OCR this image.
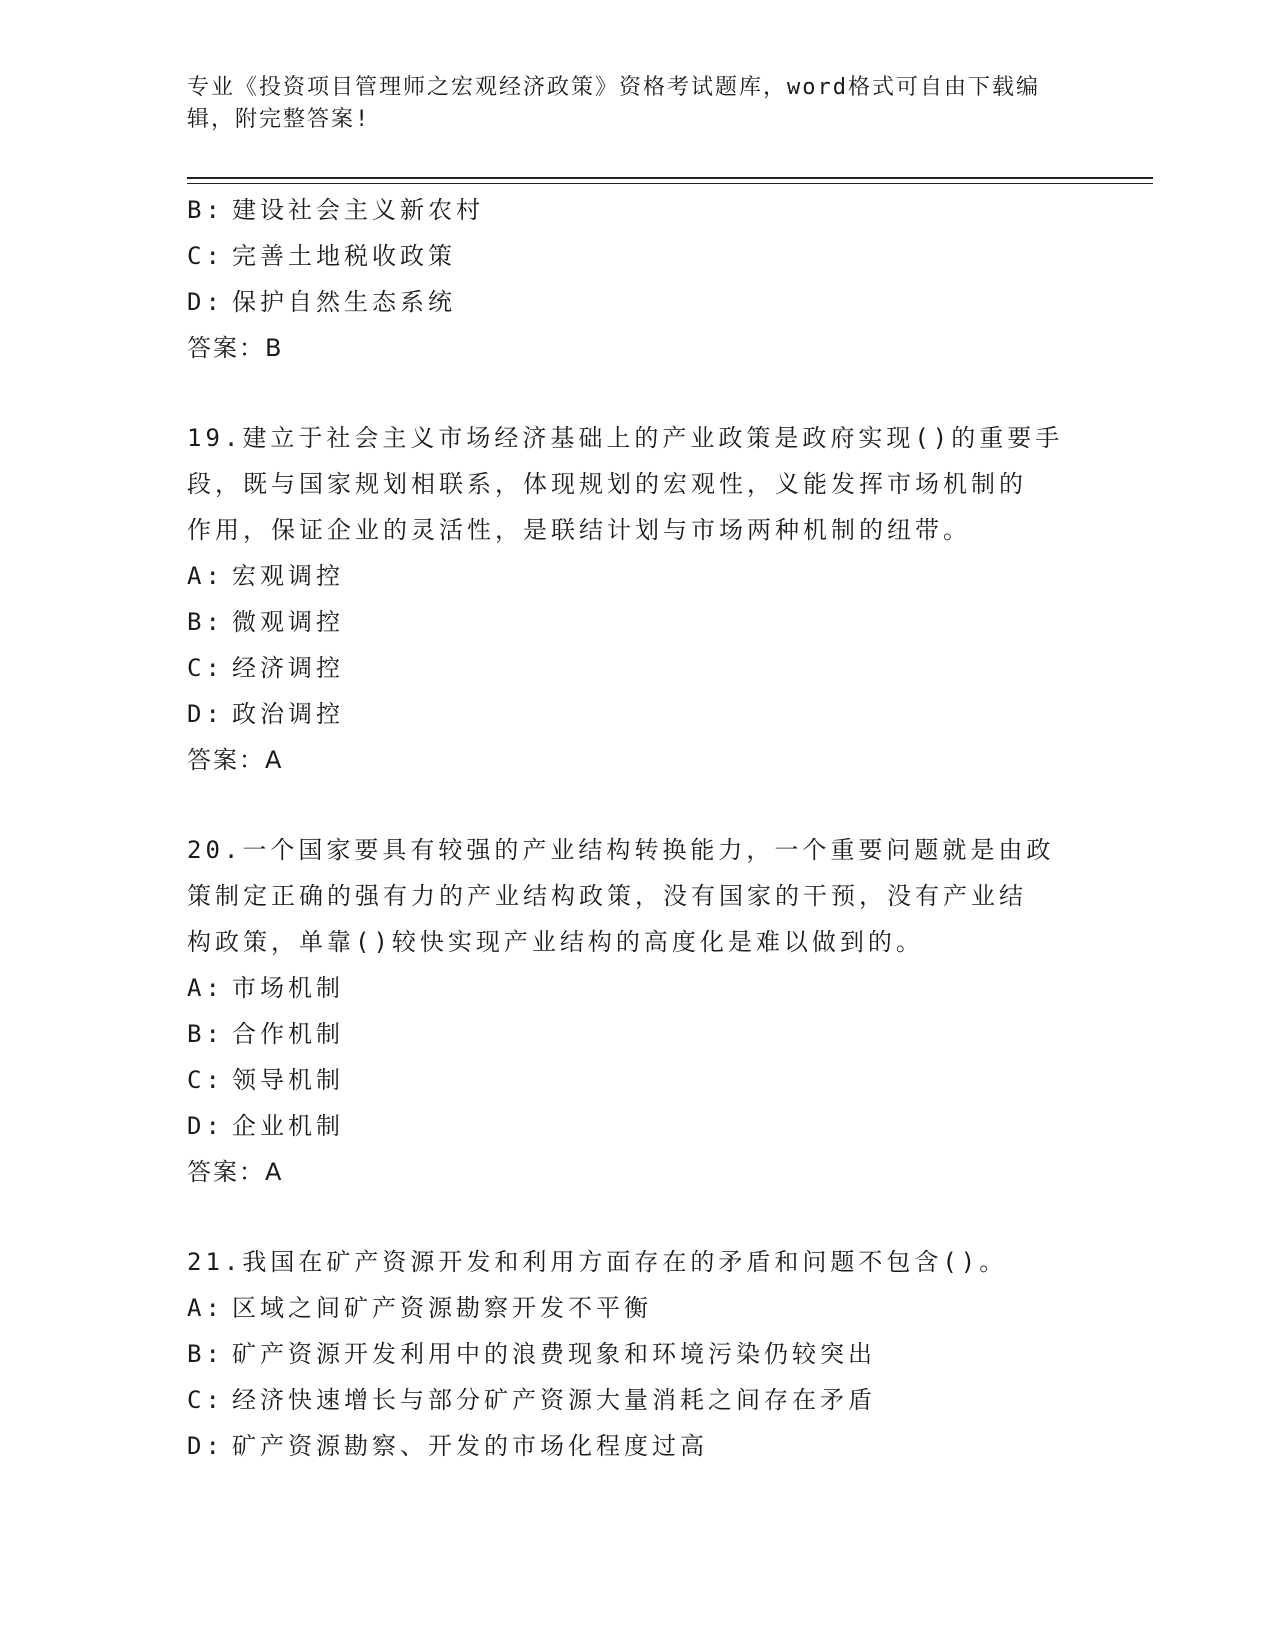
专业《投资项目管理师之宏观经济政策》资格考试题库，word格式可自由下载编
辑，附完整答案!
B: 建设社会主义新农村
C: 完善土地税收政策
D: 保护自然生态系统
答案：B
19.建立于社会主义市场经济基础上的产业政策是政府实现()的重要手
段，既与国家规划相联系，体现规划的宏观性，义能发挥市场机制的
作用，保证企业的灵活性，是联结计划与市场两种机制的纽带。
A: 宏观调控
B: 微观调控
C: 经济调控
D: 政治调控
答案：A
20.一个国家要具有较强的产业结构转换能力，一个重要问题就是由政
策制定正确的强有力的产业结构政策，没有国家的干预，没有产业结
构政策，单靠()较快实现产业结构的高度化是难以做到的。
A: 市场机制
B: 合作机制
C: 领导机制
D: 企业机制
答案：A
21.我国在矿产资源开发和利用方面存在的矛盾和问题不包含()。
A: 区域之间矿产资源勘察开发不平衡
B: 矿产资源开发利用中的浪费现象和环境污染仍较突出
C: 经济快速增长与部分矿产资源大量消耗之间存在矛盾
D: 矿产资源勘察、开发的市场化程度过高
